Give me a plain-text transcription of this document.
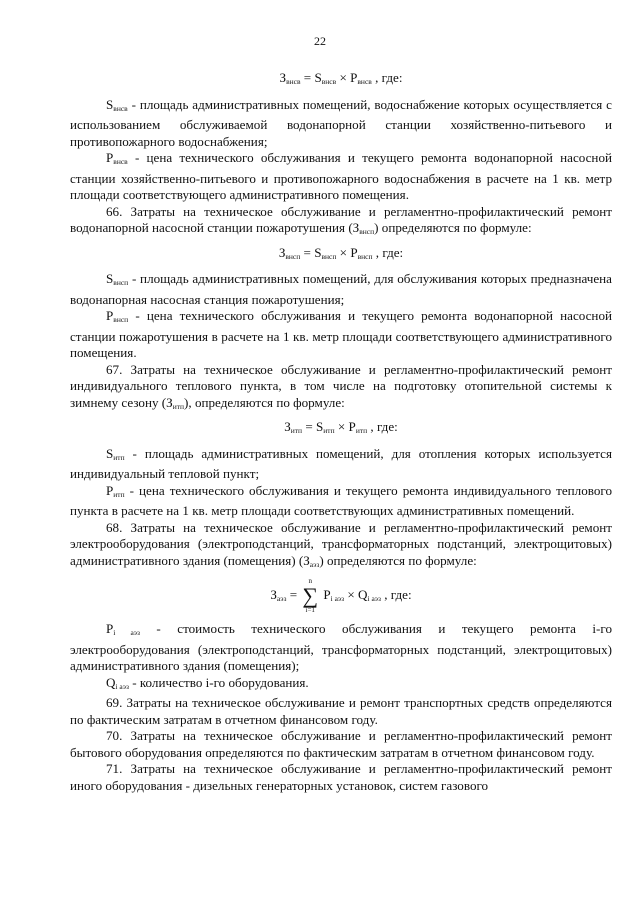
22

$З_{внсв} = S_{внсв} \times P_{внсв}$ , где:

$S_{внсв}$ - площадь административных помещений, водоснабжение которых осуществляется с использованием обслуживаемой водонапорной станции хозяйственно-питьевого и противопожарного водоснабжения;

$P_{внсв}$ - цена технического обслуживания и текущего ремонта водонапорной насосной станции хозяйственно-питьевого и противопожарного водоснабжения в расчете на 1 кв. метр площади соответствующего административного помещения.

66. Затраты на техническое обслуживание и регламентно-профилактический ремонт водонапорной насосной станции пожаротушения $(З_{внсп})$ определяются по формуле:

$З_{внсп} = S_{внсп} \times P_{внсп}$ , где:

$S_{внсп}$ - площадь административных помещений, для обслуживания которых предназначена водонапорная насосная станция пожаротушения;

$P_{внсп}$ - цена технического обслуживания и текущего ремонта водонапорной насосной станции пожаротушения в расчете на 1 кв. метр площади соответствующего административного помещения.

67. Затраты на техническое обслуживание и регламентно-профилактический ремонт индивидуального теплового пункта, в том числе на подготовку отопительной системы к зимнему сезону $(З_{итп})$, определяются по формуле:

$З_{итп} = S_{итп} \times P_{итп}$ , где:

$S_{итп}$ - площадь административных помещений, для отопления которых используется индивидуальный тепловой пункт;

$P_{итп}$ - цена технического обслуживания и текущего ремонта индивидуального теплового пункта в расчете на 1 кв. метр площади соответствующих административных помещений.

68. Затраты на техническое обслуживание и регламентно-профилактический ремонт электрооборудования (электроподстанций, трансформаторных подстанций, электрощитовых) административного здания (помещения) $(З_{аэз})$ определяются по формуле:

$З_{аэз}$ =
n
∑
i=1
$P_{i аэз} \times Q_{i аэз}$ , где:

$P_{i аэз}$ - стоимость технического обслуживания и текущего ремонта i-го электрооборудования (электроподстанций, трансформаторных подстанций, электрощитовых) административного здания (помещения);

$Q_{i аэз}$ - количество i-го оборудования.

69. Затраты на техническое обслуживание и ремонт транспортных средств определяются по фактическим затратам в отчетном финансовом году.

70. Затраты на техническое обслуживание и регламентно-профилактический ремонт бытового оборудования определяются по фактическим затратам в отчетном финансовом году.

71. Затраты на техническое обслуживание и регламентно-профилактический ремонт иного оборудования - дизельных генераторных установок, систем газового
